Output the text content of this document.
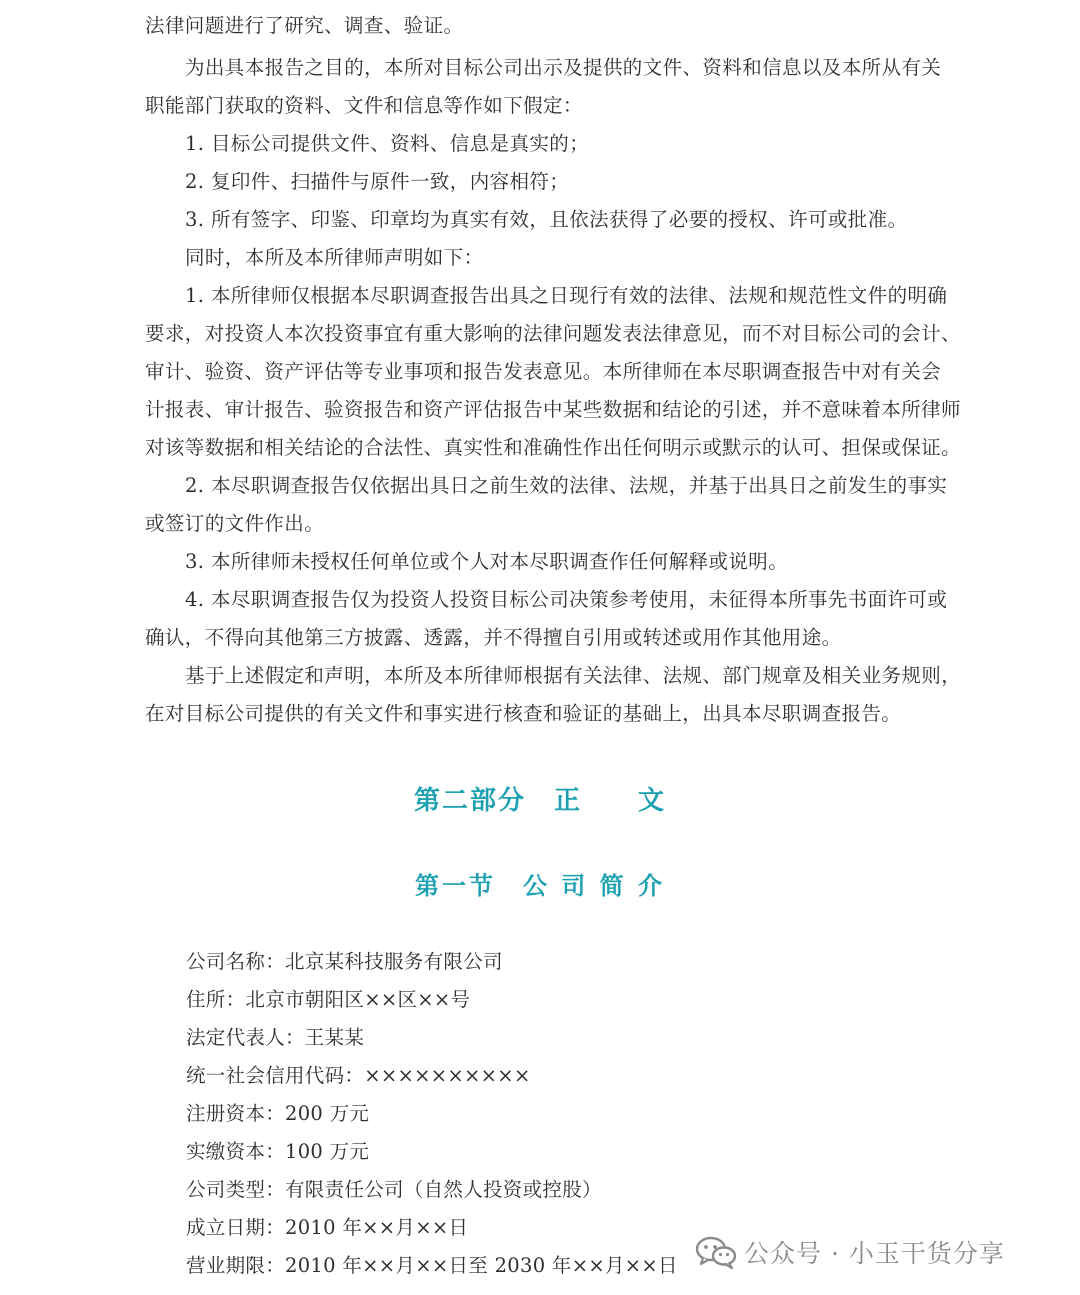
法律问题进行了研究、调查、验证。
为出具本报告之目的，本所对目标公司出示及提供的文件、资料和信息以及本所从有关
职能部门获取的资料、文件和信息等作如下假定：
1. 目标公司提供文件、资料、信息是真实的；
2. 复印件、扫描件与原件一致，内容相符；
3. 所有签字、印鉴、印章均为真实有效，且依法获得了必要的授权、许可或批准。
同时，本所及本所律师声明如下：
1. 本所律师仅根据本尽职调查报告出具之日现行有效的法律、法规和规范性文件的明确
要求，对投资人本次投资事宜有重大影响的法律问题发表法律意见，而不对目标公司的会计、
审计、验资、资产评估等专业事项和报告发表意见。本所律师在本尽职调查报告中对有关会
计报表、审计报告、验资报告和资产评估报告中某些数据和结论的引述，并不意味着本所律师
对该等数据和相关结论的合法性、真实性和准确性作出任何明示或默示的认可、担保或保证。
2. 本尽职调查报告仅依据出具日之前生效的法律、法规，并基于出具日之前发生的事实
或签订的文件作出。
3. 本所律师未授权任何单位或个人对本尽职调查作任何解释或说明。
4. 本尽职调查报告仅为投资人投资目标公司决策参考使用，未征得本所事先书面许可或
确认，不得向其他第三方披露、透露，并不得擅自引用或转述或用作其他用途。
基于上述假定和声明，本所及本所律师根据有关法律、法规、部门规章及相关业务规则，
在对目标公司提供的有关文件和事实进行核查和验证的基础上，出具本尽职调查报告。
第二部分　正　　文
第一节　公 司 简 介
公司名称：北京某科技服务有限公司
住所：北京市朝阳区××区××号
法定代表人：王某某
统一社会信用代码：××××××××××
注册资本：200 万元
实缴资本：100 万元
公司类型：有限责任公司（自然人投资或控股）
成立日期：2010 年××月××日
营业期限：2010 年××月××日至 2030 年××月××日	公众号 · 小玉干货分享
